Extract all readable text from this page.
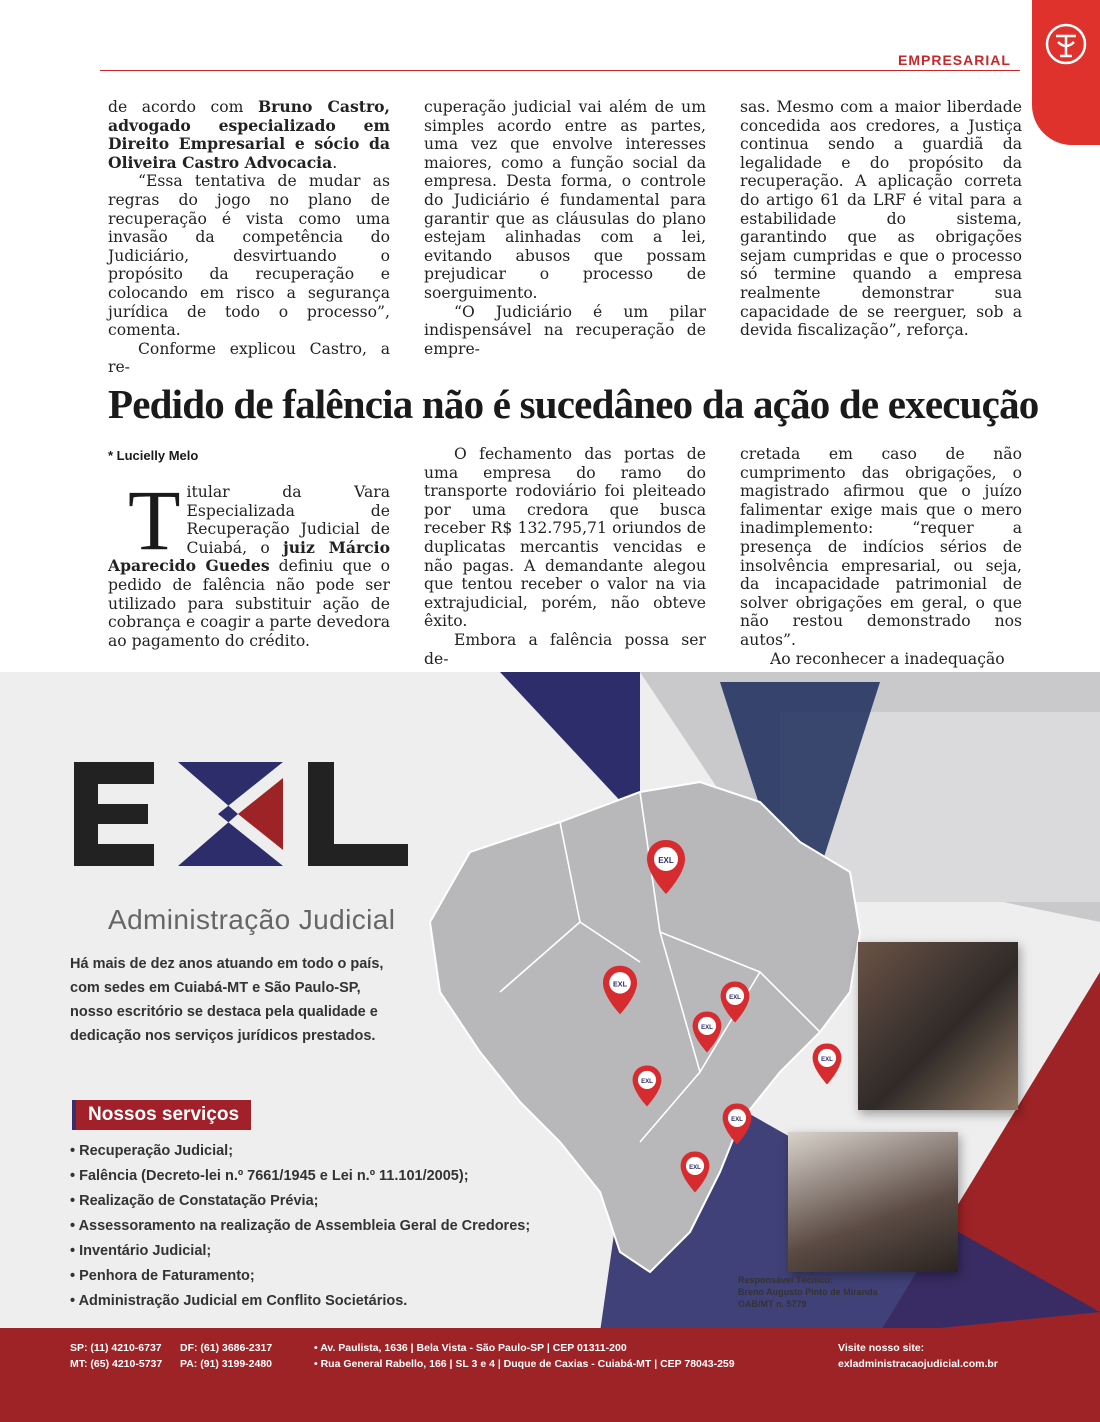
EMPRESARIAL

de acordo com Bruno Castro, advogado especializado em Direito Empresarial e sócio da Oliveira Castro Advocacia.

“Essa tentativa de mudar as regras do jogo no plano de recuperação é vista como uma invasão da competência do Judiciário, desvirtuando o propósito da recuperação e colocando em risco a segurança jurídica de todo o processo”, comenta.

Conforme explicou Castro, a re-

cuperação judicial vai além de um simples acordo entre as partes, uma vez que envolve interesses maiores, como a função social da empresa. Desta forma, o controle do Judiciário é fundamental para garantir que as cláusulas do plano estejam alinhadas com a lei, evitando abusos que possam prejudicar o processo de soerguimento.

“O Judiciário é um pilar indispensável na recuperação de empre-

sas. Mesmo com a maior liberdade concedida aos credores, a Justiça continua sendo a guardiã da legalidade e do propósito da recuperação. A aplicação correta do artigo 61 da LRF é vital para a estabilidade do sistema, garantindo que as obrigações sejam cumpridas e que o processo só termine quando a empresa realmente demonstrar sua capacidade de se reerguer, sob a devida fiscalização”, reforça.

Pedido de falência não é sucedâneo da ação de execução
* Lucielly Melo

Titular da Vara Especializada de Recuperação Judicial de Cuiabá, o juiz Márcio Aparecido Guedes definiu que o pedido de falência não pode ser utilizado para substituir ação de cobrança e coagir a parte devedora ao pagamento do crédito.

O fechamento das portas de uma empresa do ramo do transporte rodoviário foi pleiteado por uma credora que busca receber R$ 132.795,71 oriundos de duplicatas mercantis vencidas e não pagas. A demandante alegou que tentou receber o valor na via extrajudicial, porém, não obteve êxito.

Embora a falência possa ser de-

cretada em caso de não cumprimento das obrigações, o magistrado afirmou que o juízo falimentar exige mais que o mero inadimplemento: “requer a presença de indícios sérios de insolvência empresarial, ou seja, da incapacidade patrimonial de solver obrigações em geral, o que não restou demonstrado nos autos”.

Ao reconhecer a inadequação

EXL
EXL
EXL
EXL
EXL
EXL
EXL
EXL
Administração Judicial
Há mais de dez anos atuando em todo o país, com sedes em Cuiabá-MT e São Paulo-SP, nosso escritório se destaca pela qualidade e dedicação nos serviços jurídicos prestados.
Nossos serviços
• Recuperação Judicial;
• Falência (Decreto-lei n.º 7661/1945 e Lei n.º 11.101/2005);
• Realização de Constatação Prévia;
• Assessoramento na realização de Assembleia Geral de Credores;
• Inventário Judicial;
• Penhora de Faturamento;
• Administração Judicial em Conflito Societários.
Responsável Técnico:
Breno Augusto Pinto de Miranda
OAB/MT n. 5779
SP: (11) 4210-6737
MT: (65) 4210-5737
DF: (61) 3686-2317
PA: (91) 3199-2480
• Av. Paulista, 1636 | Bela Vista - São Paulo-SP | CEP 01311-200
• Rua General Rabello, 166 | SL 3 e 4 | Duque de Caxias - Cuiabá-MT | CEP 78043-259
Visite nosso site:
exladministracaojudicial.com.br
